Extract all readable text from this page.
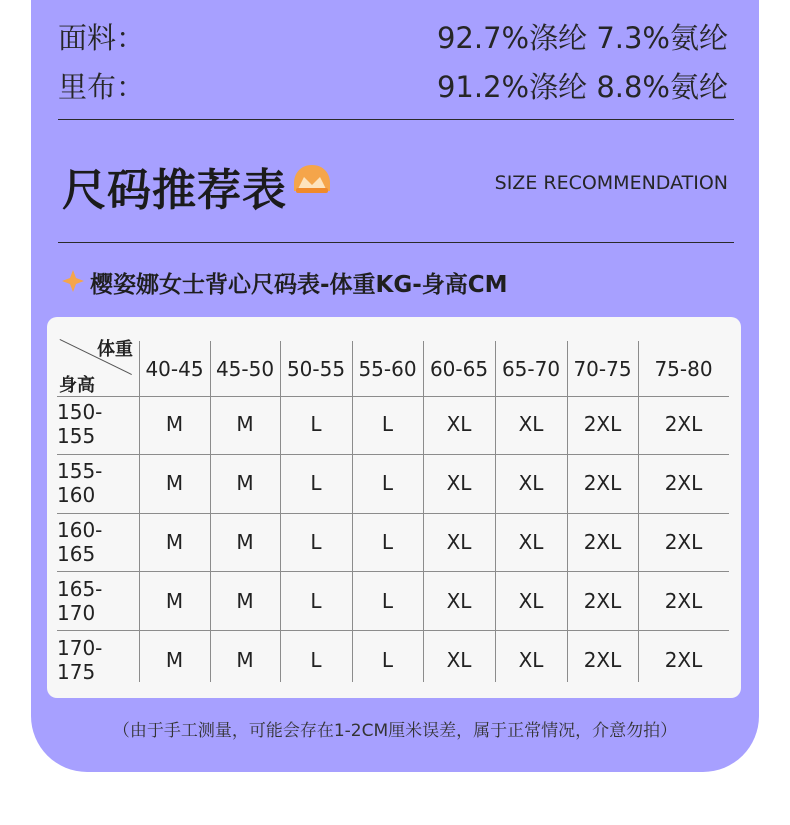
面料：	92.7%涤纶 7.3%氨纶
里布：	91.2%涤纶 8.8%氨纶
尺码推荐表	SIZE RECOMMENDATION
樱姿娜女士背心尺码表-体重KG-身高CM
体重
身高
40-45 45-50 50-55 55-60 60-65 65-70 70-75	75-80
150-155	M	M	L	L	XL	XL	2XL	2XL
155-160	M	M	L	L	XL	XL	2XL	2XL
160-165	M	M	L	L	XL	XL	2XL	2XL
165-170	M	M	L	L	XL	XL	2XL	2XL
170-175	M	M	L	L	XL	XL	2XL	2XL
（由于手工测量，可能会存在1-2CM厘米误差，属于正常情况，介意勿拍）
